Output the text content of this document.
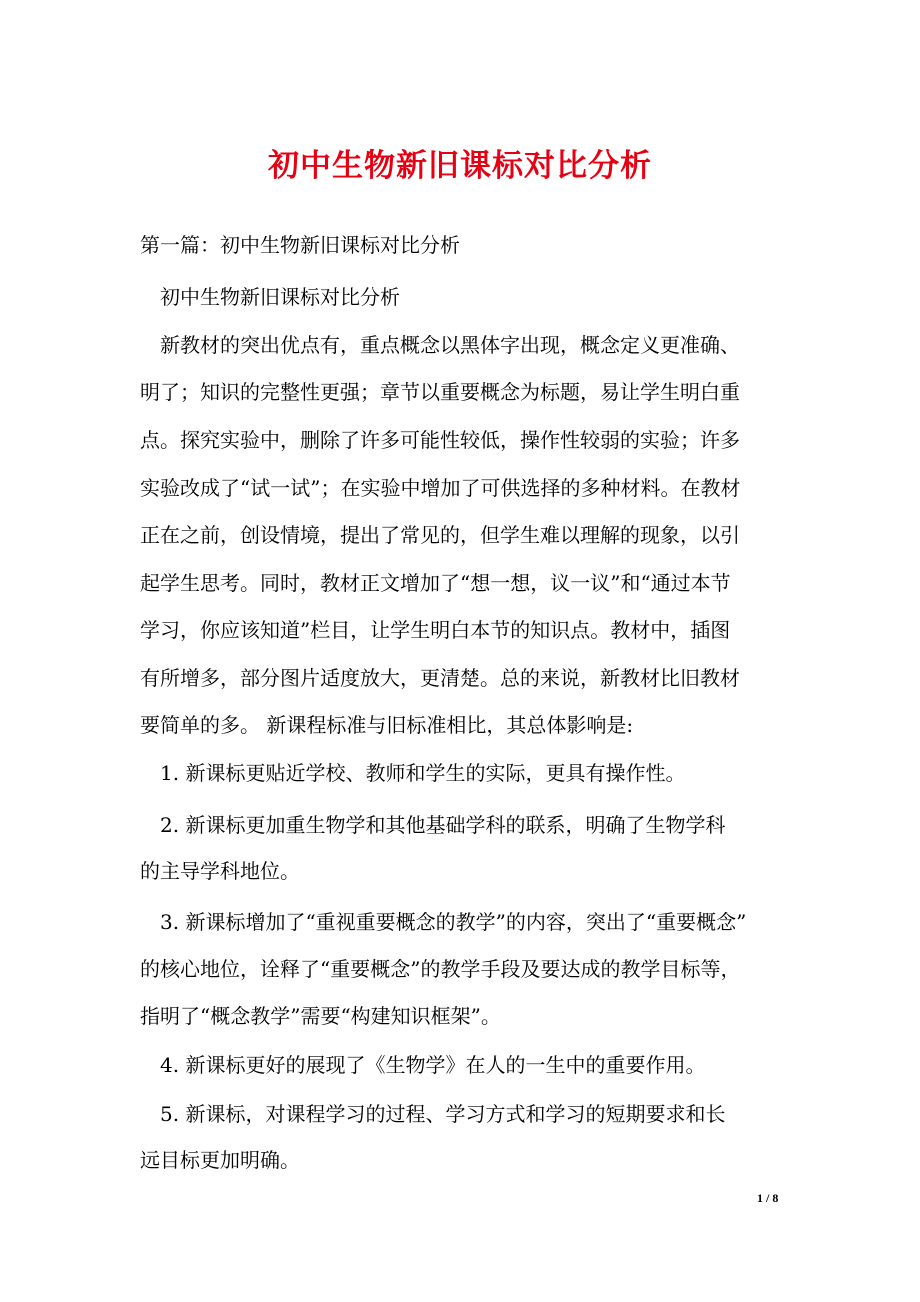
初中生物新旧课标对比分析
第一篇：初中生物新旧课标对比分析
初中生物新旧课标对比分析
新教材的突出优点有，重点概念以黑体字出现，概念定义更准确、
明了；知识的完整性更强；章节以重要概念为标题，易让学生明白重
点。探究实验中，删除了许多可能性较低，操作性较弱的实验；许多
实验改成了“试一试”；在实验中增加了可供选择的多种材料。在教材
正在之前，创设情境，提出了常见的，但学生难以理解的现象，以引
起学生思考。同时，教材正文增加了“想一想，议一议”和“通过本节
学习，你应该知道”栏目，让学生明白本节的知识点。教材中，插图
有所增多，部分图片适度放大，更清楚。总的来说，新教材比旧教材
要简单的多。 新课程标准与旧标准相比，其总体影响是:
1. 新课标更贴近学校、教师和学生的实际，更具有操作性。
2. 新课标更加重生物学和其他基础学科的联系，明确了生物学科
的主导学科地位。
3. 新课标增加了“重视重要概念的教学”的内容，突出了“重要概念”
的核心地位，诠释了“重要概念”的教学手段及要达成的教学目标等，
指明了“概念教学”需要“构建知识框架”。
4. 新课标更好的展现了《生物学》在人的一生中的重要作用。
5. 新课标，对课程学习的过程、学习方式和学习的短期要求和长
远目标更加明确。
1 / 8
